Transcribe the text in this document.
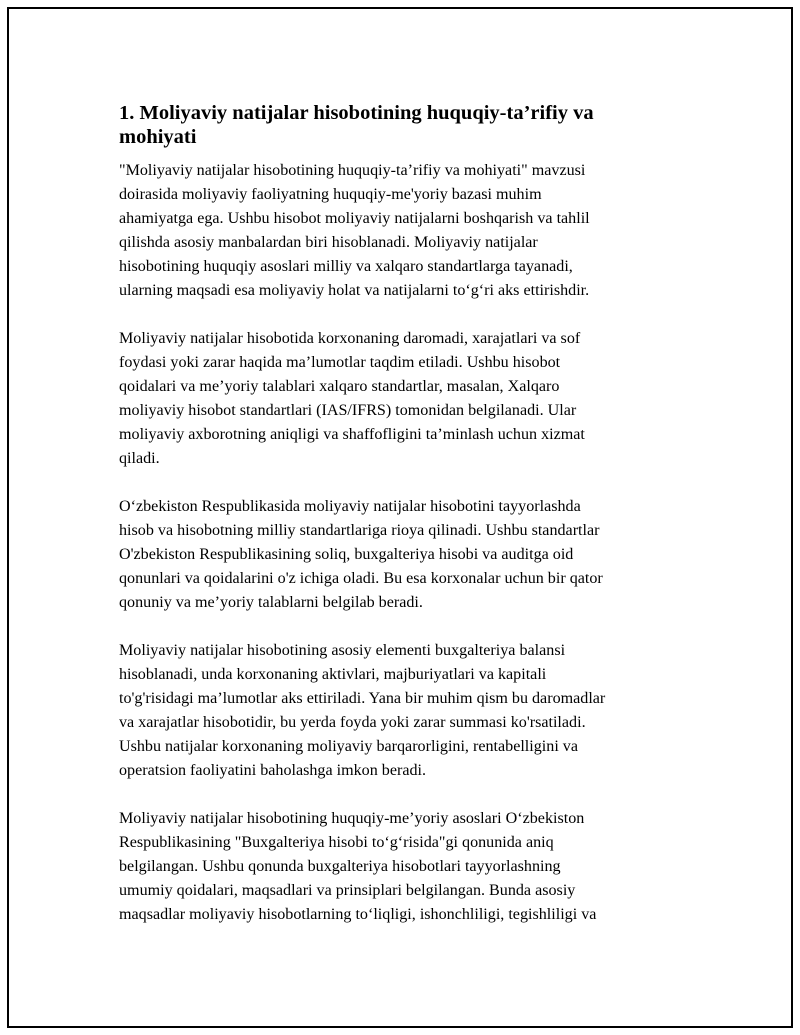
1. Moliyaviy natijalar hisobotining huquqiy-ta’rifiy va
mohiyati

"Moliyaviy natijalar hisobotining huquqiy-ta’rifiy va mohiyati" mavzusi
doirasida moliyaviy faoliyatning huquqiy-me'yoriy bazasi muhim
ahamiyatga ega. Ushbu hisobot moliyaviy natijalarni boshqarish va tahlil
qilishda asosiy manbalardan biri hisoblanadi. Moliyaviy natijalar
hisobotining huquqiy asoslari milliy va xalqaro standartlarga tayanadi,
ularning maqsadi esa moliyaviy holat va natijalarni to‘g‘ri aks ettirishdir.

Moliyaviy natijalar hisobotida korxonaning daromadi, xarajatlari va sof
foydasi yoki zarar haqida ma’lumotlar taqdim etiladi. Ushbu hisobot
qoidalari va me’yoriy talablari xalqaro standartlar, masalan, Xalqaro
moliyaviy hisobot standartlari (IAS/IFRS) tomonidan belgilanadi. Ular
moliyaviy axborotning aniqligi va shaffofligini ta’minlash uchun xizmat
qiladi.

O‘zbekiston Respublikasida moliyaviy natijalar hisobotini tayyorlashda
hisob va hisobotning milliy standartlariga rioya qilinadi. Ushbu standartlar
O'zbekiston Respublikasining soliq, buxgalteriya hisobi va auditga oid
qonunlari va qoidalarini o'z ichiga oladi. Bu esa korxonalar uchun bir qator
qonuniy va me’yoriy talablarni belgilab beradi.

Moliyaviy natijalar hisobotining asosiy elementi buxgalteriya balansi
hisoblanadi, unda korxonaning aktivlari, majburiyatlari va kapitali
to'g'risidagi ma’lumotlar aks ettiriladi. Yana bir muhim qism bu daromadlar
va xarajatlar hisobotidir, bu yerda foyda yoki zarar summasi ko'rsatiladi.
Ushbu natijalar korxonaning moliyaviy barqarorligini, rentabelligini va
operatsion faoliyatini baholashga imkon beradi.

Moliyaviy natijalar hisobotining huquqiy-me’yoriy asoslari O‘zbekiston
Respublikasining "Buxgalteriya hisobi to‘g‘risida"gi qonunida aniq
belgilangan. Ushbu qonunda buxgalteriya hisobotlari tayyorlashning
umumiy qoidalari, maqsadlari va prinsiplari belgilangan. Bunda asosiy
maqsadlar moliyaviy hisobotlarning to‘liqligi, ishonchliligi, tegishliligi va
